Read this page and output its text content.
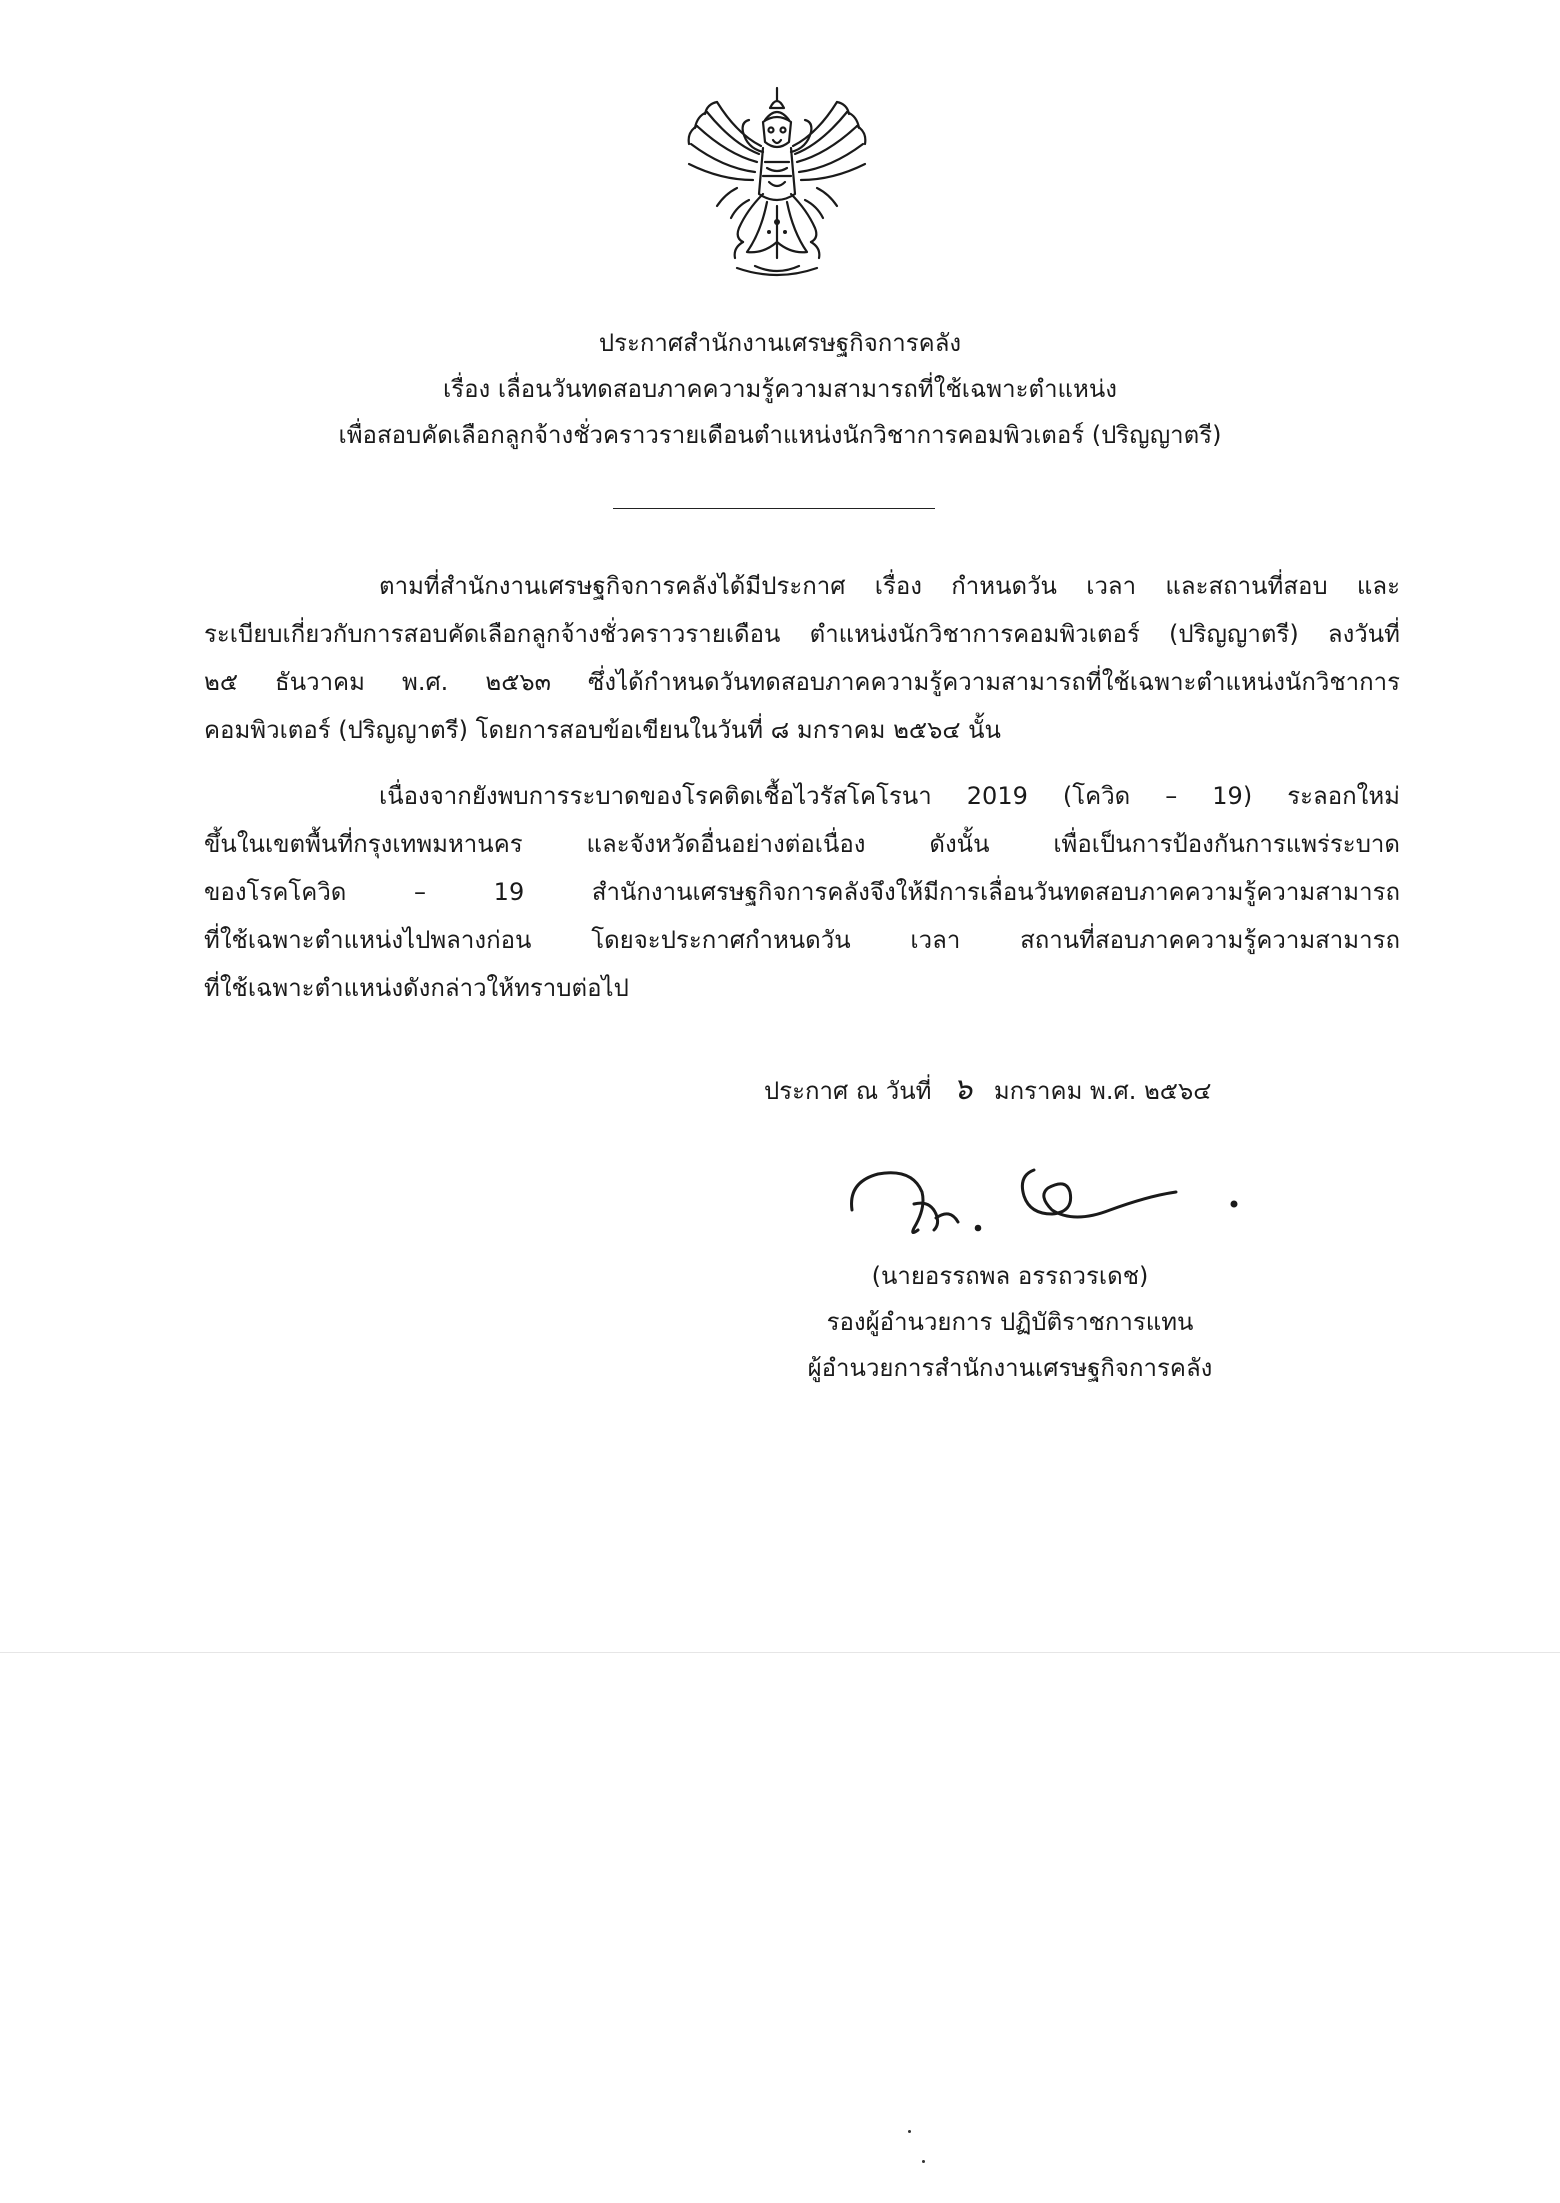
ประกาศสำนักงานเศรษฐกิจการคลัง
เรื่อง เลื่อนวันทดสอบภาคความรู้ความสามารถที่ใช้เฉพาะตำแหน่ง
เพื่อสอบคัดเลือกลูกจ้างชั่วคราวรายเดือนตำแหน่งนักวิชาการคอมพิวเตอร์ (ปริญญาตรี)
ตามที่สำนักงานเศรษฐกิจการคลังได้มีประกาศ เรื่อง กำหนดวัน เวลา และสถานที่สอบ และ
ระเบียบเกี่ยวกับการสอบคัดเลือกลูกจ้างชั่วคราวรายเดือน ตำแหน่งนักวิชาการคอมพิวเตอร์ (ปริญญาตรี) ลงวันที่
๒๕ ธันวาคม พ.ศ. ๒๕๖๓ ซึ่งได้กำหนดวันทดสอบภาคความรู้ความสามารถที่ใช้เฉพาะตำแหน่งนักวิชาการ
คอมพิวเตอร์ (ปริญญาตรี) โดยการสอบข้อเขียนในวันที่ ๘ มกราคม ๒๕๖๔ นั้น
เนื่องจากยังพบการระบาดของโรคติดเชื้อไวรัสโคโรนา 2019 (โควิด – 19) ระลอกใหม่
ขึ้นในเขตพื้นที่กรุงเทพมหานคร และจังหวัดอื่นอย่างต่อเนื่อง ดังนั้น เพื่อเป็นการป้องกันการแพร่ระบาด
ของโรคโควิด – 19 สำนักงานเศรษฐกิจการคลังจึงให้มีการเลื่อนวันทดสอบภาคความรู้ความสามารถ
ที่ใช้เฉพาะตำแหน่งไปพลางก่อน โดยจะประกาศกำหนดวัน เวลา สถานที่สอบภาคความรู้ความสามารถ
ที่ใช้เฉพาะตำแหน่งดังกล่าวให้ทราบต่อไป
ประกาศ ณ วันที่ ๖ มกราคม พ.ศ. ๒๕๖๔
(นายอรรถพล อรรถวรเดช)
รองผู้อำนวยการ ปฏิบัติราชการแทน
ผู้อำนวยการสำนักงานเศรษฐกิจการคลัง
